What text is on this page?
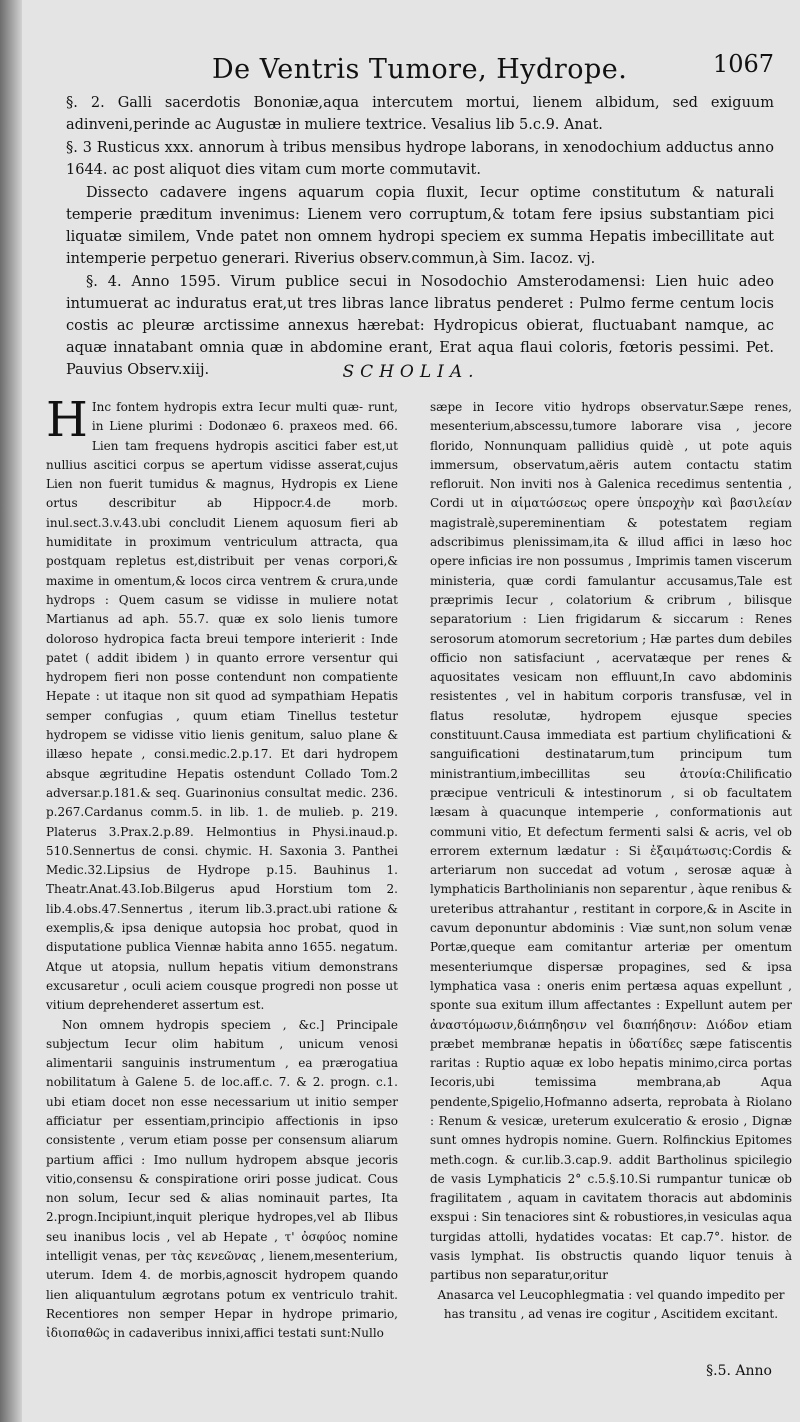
De Ventris Tumore, Hydrope.	1067

§. 2. Galli sacerdotis Bononiæ,aqua intercutem mortui, lienem albidum, sed exiguum adinveni,perinde ac Augustæ in muliere textrice. Vesalius lib 5.c.9. Anat.

§. 3 Rusticus xxx. annorum à tribus mensibus hydrope laborans, in xenodochium adductus anno 1644. ac post aliquot dies vitam cum morte commutavit.

Dissecto cadavere ingens aquarum copia fluxit, Iecur optime constitutum & naturali temperie præditum invenimus: Lienem vero corruptum,& totam fere ipsius substantiam pici liquatæ similem, Vnde patet non omnem hydropi speciem ex summa Hepatis imbecillitate aut intemperie perpetuo generari. Riverius observ.commun,à Sim. Iacoz. vj.

§. 4. Anno 1595. Virum publice secui in Nosodochio Amsterodamensi: Lien huic adeo intumuerat ac induratus erat,ut tres libras lance libratus penderet : Pulmo ferme centum locis costis ac pleuræ arctissime annexus hærebat: Hydropicus obierat, fluctuabant namque, ac aquæ innatabant omnia quæ in abdomine erant, Erat aqua flaui coloris, fœtoris pessimi. Pet. Pauvius Observ.xiij.	SCHOLIA.
H Inc fontem hydropis extra Iecur multi quæ- runt, in Liene plurimi : Dodonæo 6. praxeos med. 66. Lien tam frequens hydropis ascitici faber est,ut nullius ascitici corpus se apertum vidisse asserat,cujus Lien non fuerit tumidus & magnus, Hydropis ex Liene ortus describitur ab Hippocr.4.de morb. inul.sect.3.v.43.ubi concludit Lienem aquosum fieri ab humiditate in proximum ventriculum attracta, qua postquam repletus est,distribuit per venas corpori,& maxime in omentum,& locos circa ventrem & crura,unde hydrops : Quem casum se vidisse in muliere notat Martianus ad aph. 55.7. quæ ex solo lienis tumore doloroso hydropica facta breui tempore interierit : Inde patet ( addit ibidem ) in quanto errore versentur qui hydropem fieri non posse contendunt non compatiente Hepate : ut itaque non sit quod ad sympathiam Hepatis semper confugias , quum etiam Tinellus testetur hydropem se vidisse vitio lienis genitum, saluo plane & illæso hepate , consi.medic.2.p.17. Et dari hydropem absque ægritudine Hepatis ostendunt Collado Tom.2 adversar.p.181.& seq. Guarinonius consultat medic. 236. p.267.Cardanus comm.5. in lib. 1. de mulieb. p. 219. Platerus 3.Prax.2.p.89. Helmontius in Physi.inaud.p. 510.Sennertus de consi. chymic. H. Saxonia 3. Panthei Medic.32.Lipsius de Hydrope p.15. Bauhinus 1. Theatr.Anat.43.Iob.Bilgerus apud Horstium tom 2. lib.4.obs.47.Sennertus , iterum lib.3.pract.ubi ratione & exemplis,& ipsa denique autopsia hoc probat, quod in disputatione publica Viennæ habita anno 1655. negatum. Atque ut atopsia, nullum hepatis vitium demonstrans excusaretur , oculi aciem cousque progredi non posse ut vitium deprehenderet assertum est.

Non omnem hydropis speciem , &c.] Principale subjectum Iecur olim habitum , unicum venosi alimentarii sanguinis instrumentum , ea prærogatiua nobilitatum à Galene 5. de loc.aff.c. 7. & 2. progn. c.1. ubi etiam docet non esse necessarium ut initio semper afficiatur per essentiam,principio affectionis in ipso consistente , verum etiam posse per consensum aliarum partium affici : Imo nullum hydropem absque jecoris vitio,consensu & conspiratione oriri posse judicat. Cous non solum, Iecur sed & alias nominauit partes, Ita 2.progn.Incipiunt,inquit plerique hydropes,vel ab Ilibus seu inanibus locis , vel ab Hepate , τ' ὀσφύος nomine intelligit venas, per τὰς κενεῶνας , lienem,mesenterium, uterum. Idem 4. de morbis,agnoscit hydropem quando lien aliquantulum ægrotans potum ex ventriculo trahit. Recentiores non semper Hepar in hydrope primario, ἰδιοπαθῶς in cadaveribus innixi,affici testati sunt:Nullo

sæpe in Iecore vitio hydrops observatur.Sæpe renes, mesenterium,abscessu,tumore laborare visa , jecore florido, Nonnunquam pallidius quidè , ut pote aquis immersum, observatum,aëris autem contactu statim refloruit. Non inviti nos à Galenica recedimus sententia , Cordi ut in αἱματώσεως opere ὑπεροχὴν καὶ βασιλείαν magistralè,supereminentiam & potestatem regiam adscribimus plenissimam,ita & illud affici in læso hoc opere inficias ire non possumus , Imprimis tamen viscerum ministeria, quæ cordi famulantur accusamus,Tale est præprimis Iecur , colatorium & cribrum , bilisque separatorium : Lien frigidarum & siccarum : Renes serosorum atomorum secretorium ; Hæ partes dum debiles officio non satisfaciunt , acervatæque per renes & aquositates vesicam non effluunt,In cavo abdominis resistentes , vel in habitum corporis transfusæ, vel in flatus resolutæ, hydropem ejusque species constituunt.Causa immediata est partium chylificationi & sanguificationi destinatarum,tum principum tum ministrantium,imbecillitas seu ἀτονία:Chilificatio præcipue ventriculi & intestinorum , si ob facultatem læsam à quacunque intemperie , conformationis aut communi vitio, Et defectum fermenti salsi & acris, vel ob errorem externum lædatur : Si ἐξαιμάτωσις:Cordis & arteriarum non succedat ad votum , serosæ aquæ à lymphaticis Bartholinianis non separentur , àque renibus & ureteribus attrahantur , restitant in corpore,& in Ascite in cavum deponuntur abdominis : Viæ sunt,non solum venæ Portæ,queque eam comitantur arteriæ per omentum mesenteriumque dispersæ propagines, sed & ipsa lymphatica vasa : oneris enim pertæsa aquas expellunt , sponte sua exitum illum affectantes : Expellunt autem per ἀναστόμωσιν,διάπηδησιν vel διαπήδησιν: Διόδον etiam præbet membranæ hepatis in ὑδατίδες sæpe fatiscentis raritas : Ruptio aquæ ex lobo hepatis minimo,circa portas Iecoris,ubi temissima membrana,ab Aqua pendente,Spigelio,Hofmanno adserta, reprobata à Riolano : Renum & vesicæ, ureterum exulceratio & erosio , Dignæ sunt omnes hydropis nomine. Guern. Rolfinckius Epitomes meth.cogn. & cur.lib.3.cap.9. addit Bartholinus spicilegio de vasis Lymphaticis 2° c.5.§.10.Si rumpantur tunicæ ob fragilitatem , aquam in cavitatem thoracis aut abdominis exspui : Sin tenaciores sint & robustiores,in vesiculas aqua turgidas attolli, hydatides vocatas: Et cap.7°. histor. de vasis lymphat. Iis obstructis quando liquor tenuis à partibus non separatur,oritur

Anasarca vel Leucophlegmatia : vel quando impedito per has transitu , ad venas ire cogitur , Ascitidem excitant.

§.5. Anno
